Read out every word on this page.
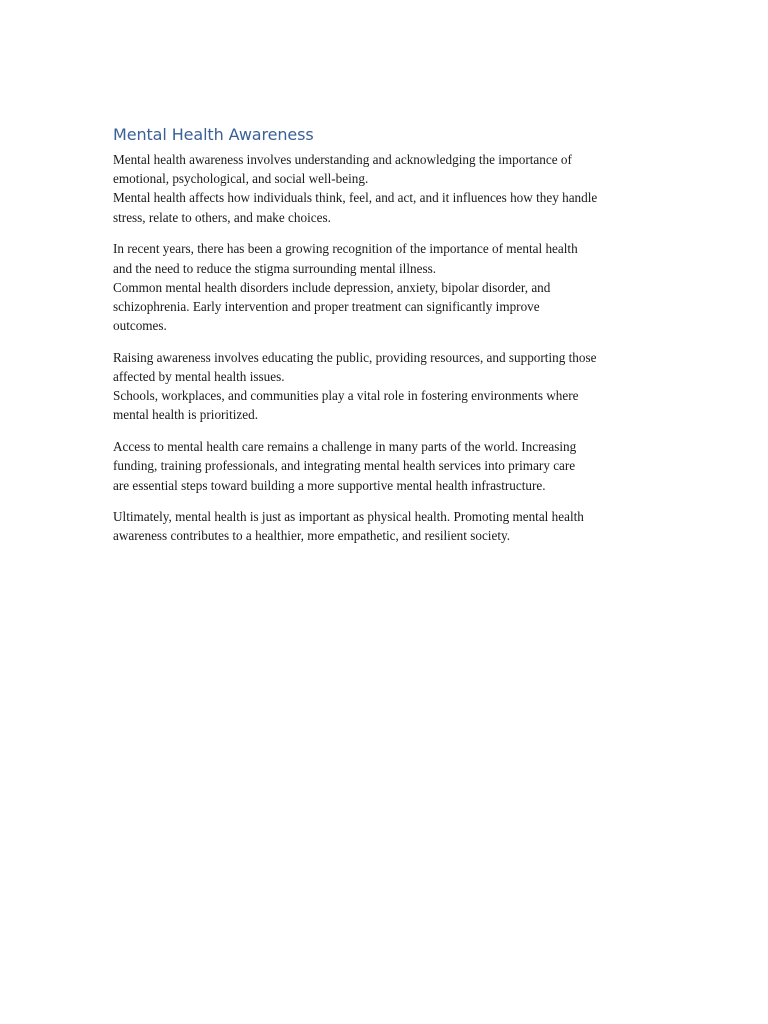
Mental Health Awareness

Mental health awareness involves understanding and acknowledging the importance of
emotional, psychological, and social well-being.
Mental health affects how individuals think, feel, and act, and it influences how they handle
stress, relate to others, and make choices.

In recent years, there has been a growing recognition of the importance of mental health
and the need to reduce the stigma surrounding mental illness.
Common mental health disorders include depression, anxiety, bipolar disorder, and
schizophrenia. Early intervention and proper treatment can significantly improve
outcomes.

Raising awareness involves educating the public, providing resources, and supporting those
affected by mental health issues.
Schools, workplaces, and communities play a vital role in fostering environments where
mental health is prioritized.

Access to mental health care remains a challenge in many parts of the world. Increasing
funding, training professionals, and integrating mental health services into primary care
are essential steps toward building a more supportive mental health infrastructure.

Ultimately, mental health is just as important as physical health. Promoting mental health
awareness contributes to a healthier, more empathetic, and resilient society.
